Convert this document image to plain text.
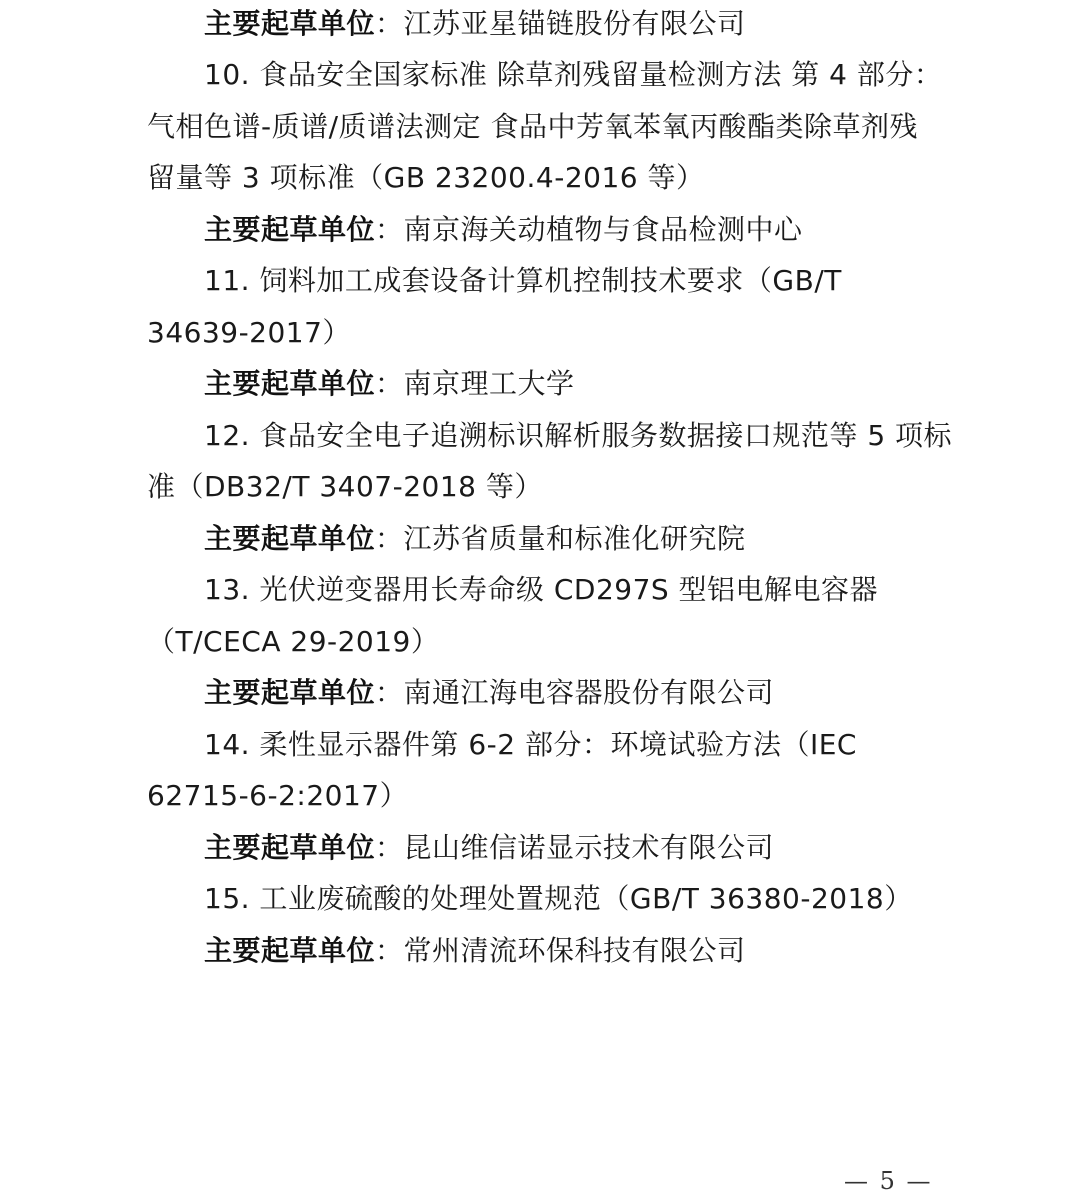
主要起草单位：江苏亚星锚链股份有限公司
10. 食品安全国家标准 除草剂残留量检测方法 第 4 部分：
气相色谱-质谱/质谱法测定 食品中芳氧苯氧丙酸酯类除草剂残
留量等 3 项标准（GB 23200.4-2016 等）
主要起草单位：南京海关动植物与食品检测中心
11. 饲料加工成套设备计算机控制技术要求（GB/T
34639-2017）
主要起草单位：南京理工大学
12. 食品安全电子追溯标识解析服务数据接口规范等 5 项标
准（DB32/T 3407-2018 等）
主要起草单位：江苏省质量和标准化研究院
13. 光伏逆变器用长寿命级 CD297S 型铝电解电容器
（T/CECA 29-2019）
主要起草单位：南通江海电容器股份有限公司
14. 柔性显示器件第 6-2 部分：环境试验方法（IEC
62715-6-2:2017）
主要起草单位：昆山维信诺显示技术有限公司
15. 工业废硫酸的处理处置规范（GB/T 36380-2018）
主要起草单位：常州清流环保科技有限公司
— 5 —
